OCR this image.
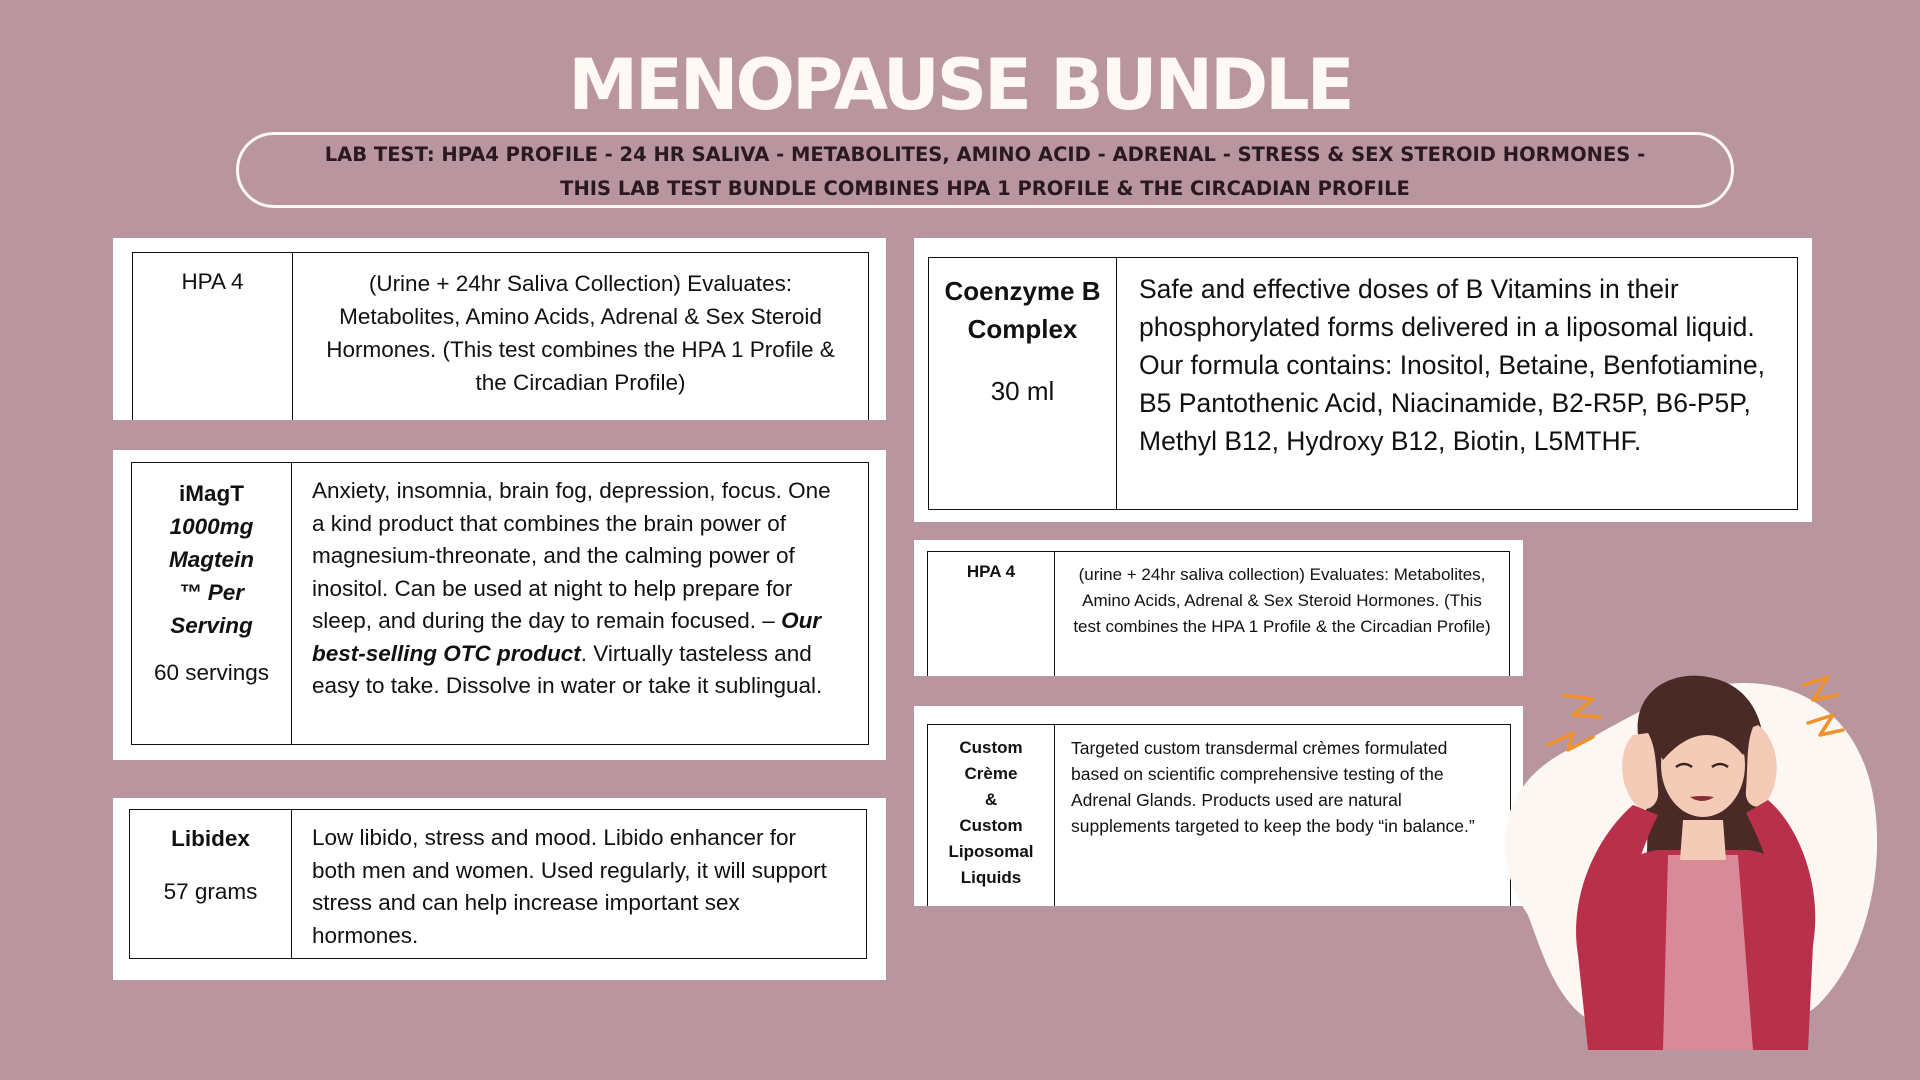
MENOPAUSE BUNDLE
LAB TEST: HPA4 PROFILE - 24 HR SALIVA - METABOLITES, AMINO ACID - ADRENAL - STRESS & SEX STEROID HORMONES -
THIS LAB TEST BUNDLE COMBINES HPA 1 PROFILE & THE CIRCADIAN PROFILE
HPA 4	(Urine + 24hr Saliva Collection) Evaluates: Metabolites, Amino Acids, Adrenal & Sex Steroid Hormones. (This test combines the HPA 1 Profile & the Circadian Profile)
iMagT
1000mg
Magtein
™ Per
Serving
60 servings
Anxiety, insomnia, brain fog, depression, focus. One a kind product that combines the brain power of magnesium-threonate, and the calming power of inositol. Can be used at night to help prepare for sleep, and during the day to remain focused. – Our best-selling OTC product. Virtually tasteless and easy to take. Dissolve in water or take it sublingual.
Libidex
57 grams
Low libido, stress and mood. Libido enhancer for both men and women. Used regularly, it will support stress and can help increase important sex hormones.
Coenzyme B
Complex
30 ml
Safe and effective doses of B Vitamins in their phosphorylated forms delivered in a liposomal liquid. Our formula contains: Inositol, Betaine, Benfotiamine, B5 Pantothenic Acid, Niacinamide, B2-R5P, B6-P5P, Methyl B12, Hydroxy B12, Biotin, L5MTHF.
HPA 4	(urine + 24hr saliva collection) Evaluates: Metabolites, Amino Acids, Adrenal & Sex Steroid Hormones. (This test combines the HPA 1 Profile & the Circadian Profile)
Custom
Crème
&
Custom
Liposomal
Liquids
Targeted custom transdermal crèmes formulated based on scientific comprehensive testing of the Adrenal Glands. Products used are natural supplements targeted to keep the body “in balance.”
